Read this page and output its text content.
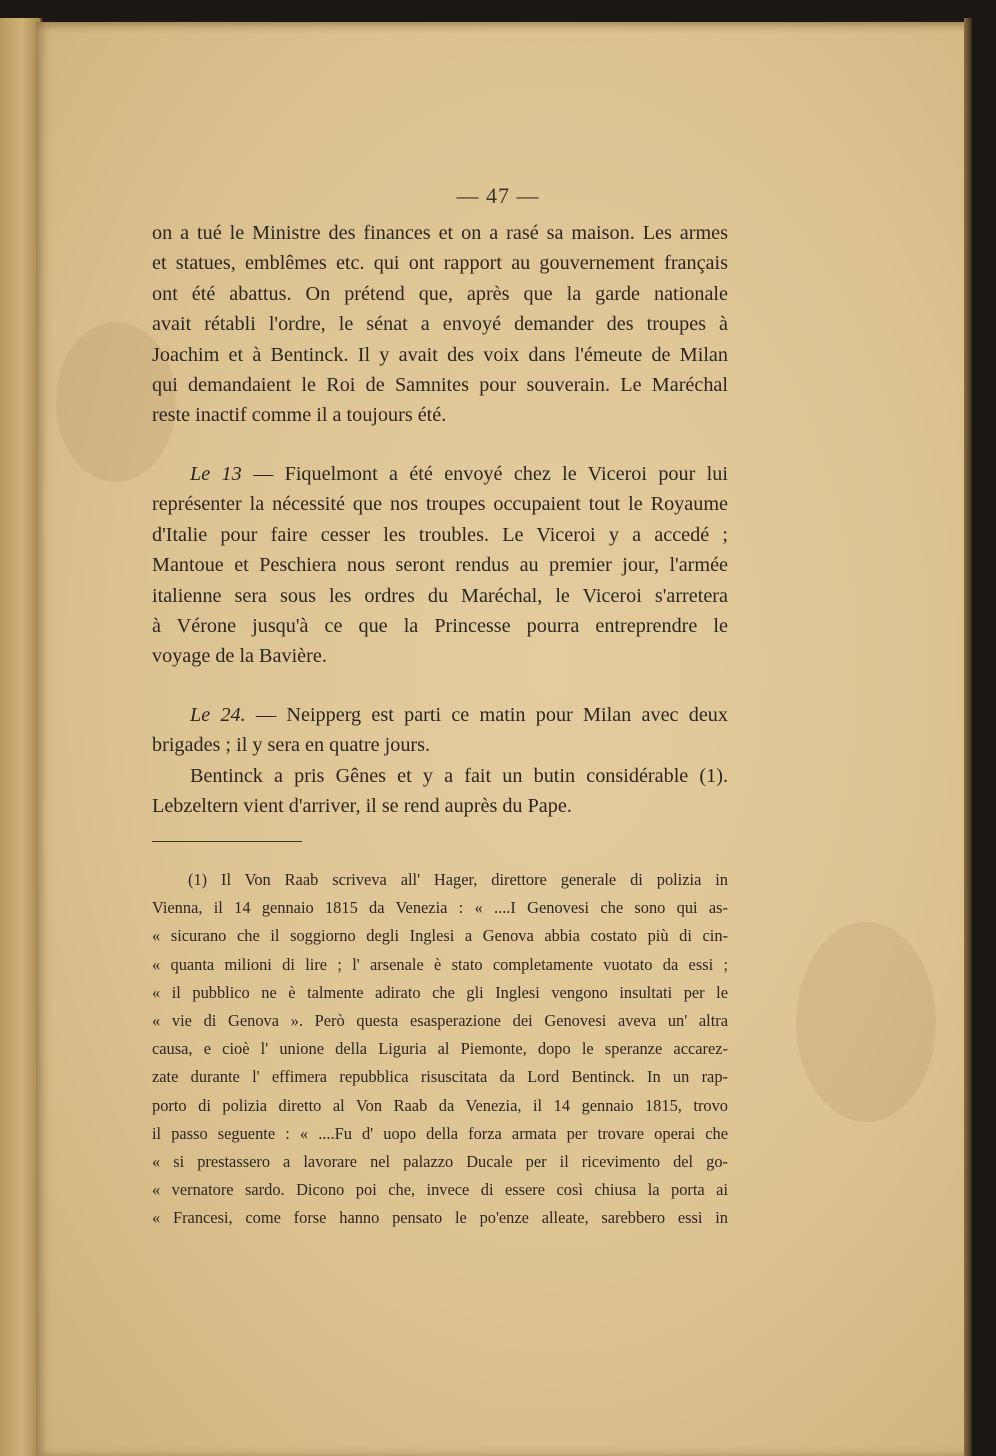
— 47 —
on a tué le Ministre des finances et on a rasé sa maison. Les armes
et statues, emblêmes etc. qui ont rapport au gouvernement français
ont été abattus. On prétend que, après que la garde nationale
avait rétabli l'ordre, le sénat a envoyé demander des troupes à
Joachim et à Bentinck. Il y avait des voix dans l'émeute de Milan
qui demandaient le Roi de Samnites pour souverain. Le Maréchal
reste inactif comme il a toujours été.
Le 13 — Fiquelmont a été envoyé chez le Viceroi pour lui
représenter la nécessité que nos troupes occupaient tout le Royaume
d'Italie pour faire cesser les troubles. Le Viceroi y a accedé ;
Mantoue et Peschiera nous seront rendus au premier jour, l'armée
italienne sera sous les ordres du Maréchal, le Viceroi s'arretera
à Vérone jusqu'à ce que la Princesse pourra entreprendre le
voyage de la Bavière.
Le 24. — Neipperg est parti ce matin pour Milan avec deux
brigades ; il y sera en quatre jours.
Bentinck a pris Gênes et y a fait un butin considérable (1).
Lebzeltern vient d'arriver, il se rend auprès du Pape.
(1) Il Von Raab scriveva all' Hager, direttore generale di polizia in
Vienna, il 14 gennaio 1815 da Venezia : « ....I Genovesi che sono qui as-
« sicurano che il soggiorno degli Inglesi a Genova abbia costato più di cin-
« quanta milioni di lire ; l' arsenale è stato completamente vuotato da essi ;
« il pubblico ne è talmente adirato che gli Inglesi vengono insultati per le
« vie di Genova ». Però questa esasperazione dei Genovesi aveva un' altra
causa, e cioè l' unione della Liguria al Piemonte, dopo le speranze accarez-
zate durante l' effimera repubblica risuscitata da Lord Bentinck. In un rap-
porto di polizia diretto al Von Raab da Venezia, il 14 gennaio 1815, trovo
il passo seguente : « ....Fu d' uopo della forza armata per trovare operai che
« si prestassero a lavorare nel palazzo Ducale per il ricevimento del go-
« vernatore sardo. Dicono poi che, invece di essere così chiusa la porta ai
« Francesi, come forse hanno pensato le po'enze alleate, sarebbero essi in
